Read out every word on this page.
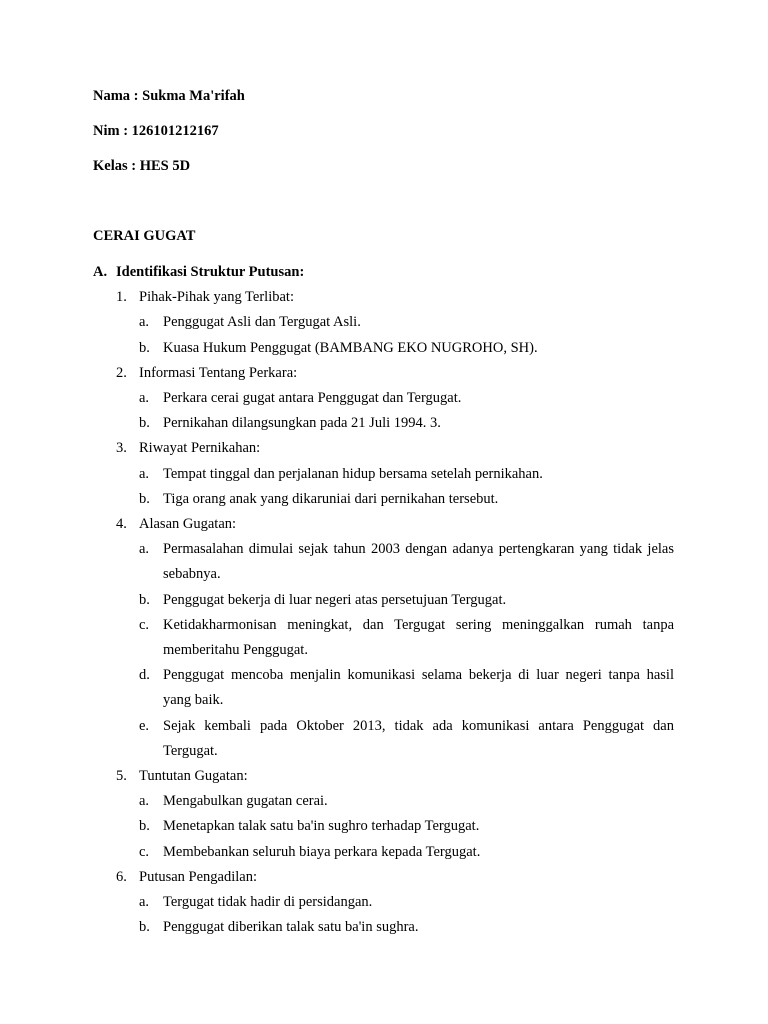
Nama : Sukma Ma'rifah

Nim : 126101212167

Kelas : HES 5D

CERAI GUGAT

A. Identifikasi Struktur Putusan:
1. Pihak-Pihak yang Terlibat:
a. Penggugat Asli dan Tergugat Asli.
b. Kuasa Hukum Penggugat (BAMBANG EKO NUGROHO, SH).
2. Informasi Tentang Perkara:
a. Perkara cerai gugat antara Penggugat dan Tergugat.
b. Pernikahan dilangsungkan pada 21 Juli 1994. 3.
3. Riwayat Pernikahan:
a. Tempat tinggal dan perjalanan hidup bersama setelah pernikahan.
b. Tiga orang anak yang dikaruniai dari pernikahan tersebut.
4. Alasan Gugatan:
a. Permasalahan dimulai sejak tahun 2003 dengan adanya pertengkaran yang tidak jelas sebabnya.
b. Penggugat bekerja di luar negeri atas persetujuan Tergugat.
c. Ketidakharmonisan meningkat, dan Tergugat sering meninggalkan rumah tanpa memberitahu Penggugat.
d. Penggugat mencoba menjalin komunikasi selama bekerja di luar negeri tanpa hasil yang baik.
e. Sejak kembali pada Oktober 2013, tidak ada komunikasi antara Penggugat dan Tergugat.
5. Tuntutan Gugatan:
a. Mengabulkan gugatan cerai.
b. Menetapkan talak satu ba'in sughro terhadap Tergugat.
c. Membebankan seluruh biaya perkara kepada Tergugat.
6. Putusan Pengadilan:
a. Tergugat tidak hadir di persidangan.
b. Penggugat diberikan talak satu ba'in sughra.
